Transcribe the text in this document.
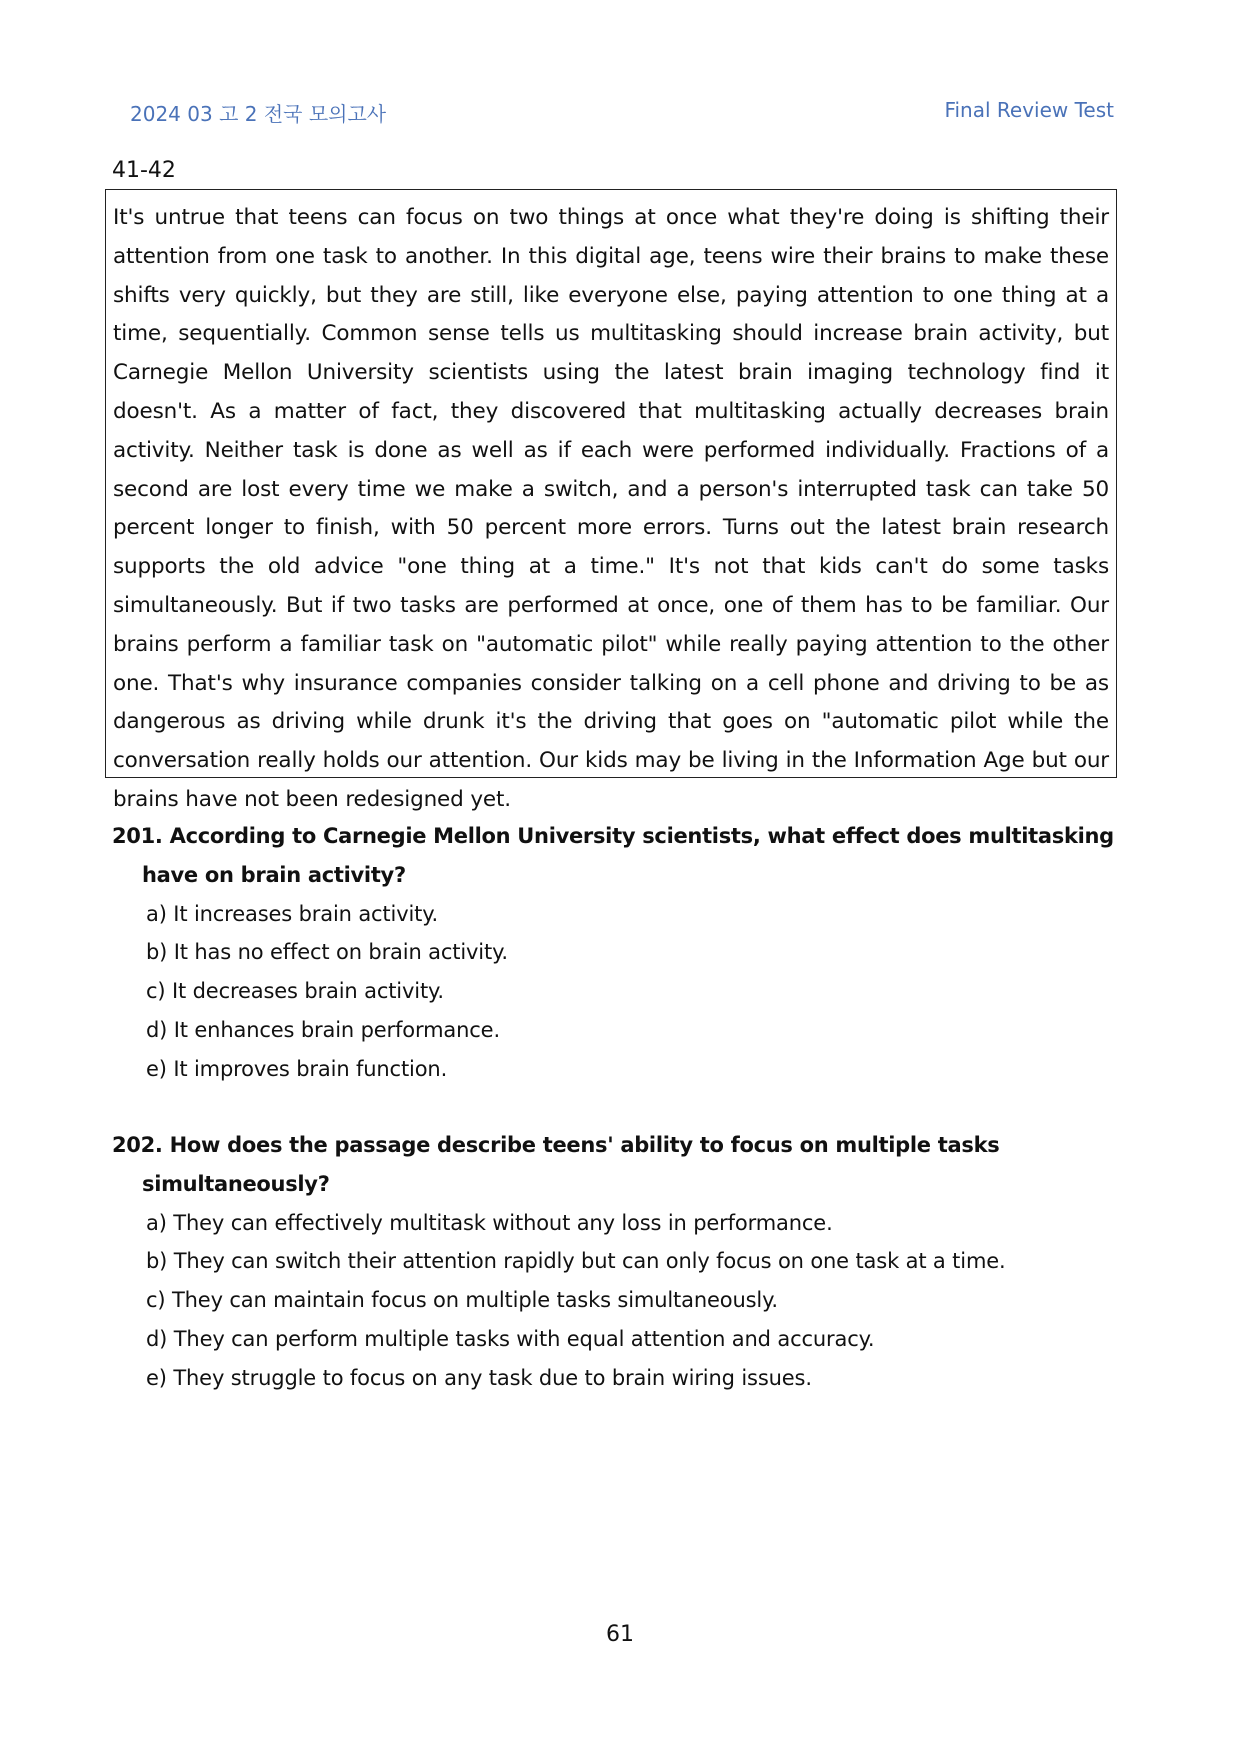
2024 03 고 2 전국 모의고사	Final Review Test
41-42

It's untrue that teens can focus on two things at once what they're doing is shifting their attention from one task to another. In this digital age, teens wire their brains to make these shifts very quickly, but they are still, like everyone else, paying attention to one thing at a time, sequentially. Common sense tells us multitasking should increase brain activity, but Carnegie Mellon University scientists using the latest brain imaging technology find it doesn't. As a matter of fact, they discovered that multitasking actually decreases brain activity. Neither task is done as well as if each were performed individually. Fractions of a second are lost every time we make a switch, and a person's interrupted task can take 50 percent longer to finish, with 50 percent more errors. Turns out the latest brain research supports the old advice "one thing at a time." It's not that kids can't do some tasks simultaneously. But if two tasks are performed at once, one of them has to be familiar. Our brains perform a familiar task on "automatic pilot" while really paying attention to the other one. That's why insurance companies consider talking on a cell phone and driving to be as dangerous as driving while drunk it's the driving that goes on "automatic pilot while the conversation really holds our attention. Our kids may be living in the Information Age but our brains have not been redesigned yet.

201. According to Carnegie Mellon University scientists, what effect does multitasking have on brain activity?

a) It increases brain activity.
b) It has no effect on brain activity.
c) It decreases brain activity.
d) It enhances brain performance.
e) It improves brain function.

202. How does the passage describe teens' ability to focus on multiple tasks simultaneously?

a) They can effectively multitask without any loss in performance.
b) They can switch their attention rapidly but can only focus on one task at a time.
c) They can maintain focus on multiple tasks simultaneously.
d) They can perform multiple tasks with equal attention and accuracy.
e) They struggle to focus on any task due to brain wiring issues.
61
